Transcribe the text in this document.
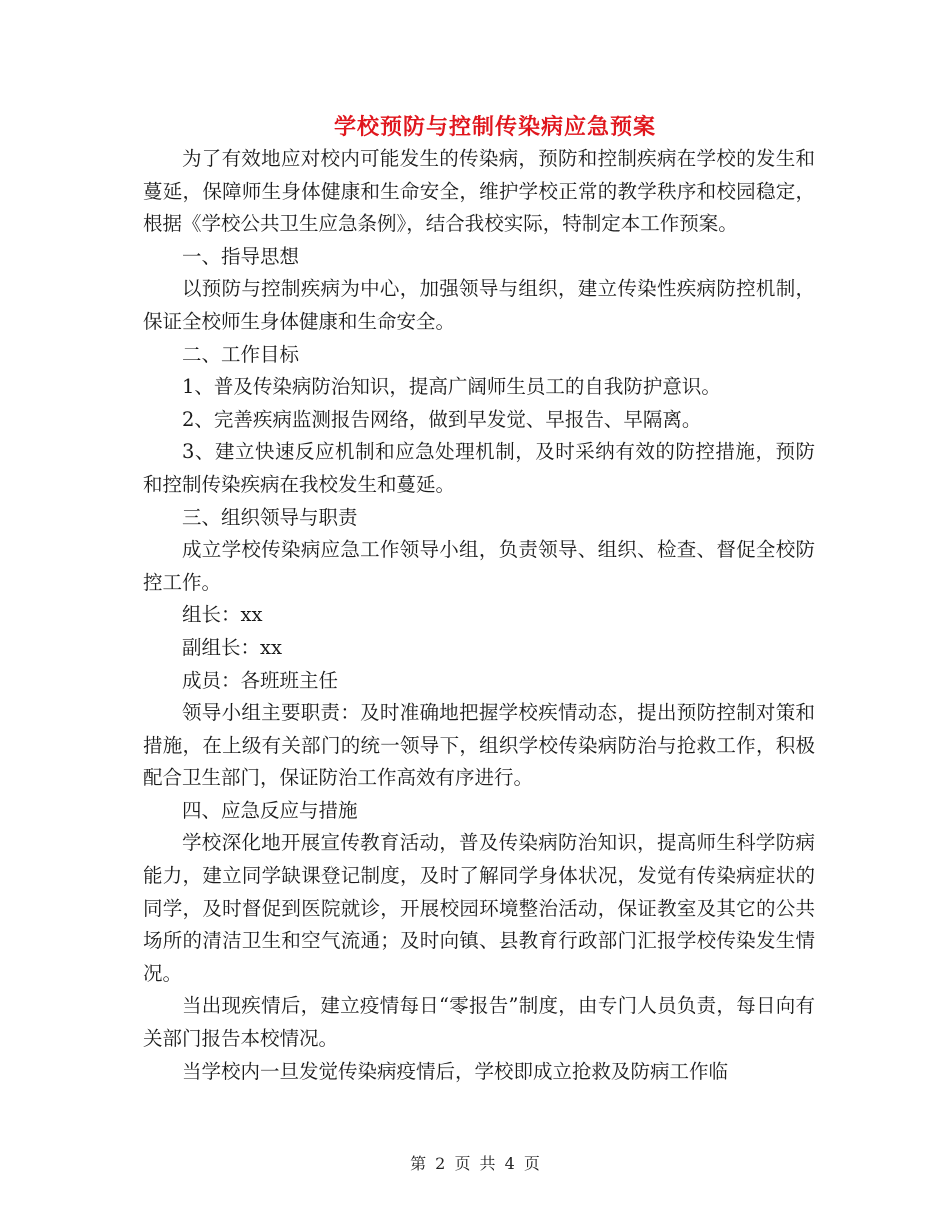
学校预防与控制传染病应急预案

为了有效地应对校内可能发生的传染病，预防和控制疾病在学校的发生和蔓延，保障师生身体健康和生命安全，维护学校正常的教学秩序和校园稳定，根据《学校公共卫生应急条例》，结合我校实际，特制定本工作预案。

一、指导思想

以预防与控制疾病为中心，加强领导与组织，建立传染性疾病防控机制，保证全校师生身体健康和生命安全。

二、工作目标

1、普及传染病防治知识，提高广阔师生员工的自我防护意识。

2、完善疾病监测报告网络，做到早发觉、早报告、早隔离。

3、建立快速反应机制和应急处理机制，及时采纳有效的防控措施，预防和控制传染疾病在我校发生和蔓延。

三、组织领导与职责

成立学校传染病应急工作领导小组，负责领导、组织、检查、督促全校防控工作。

组长：xx

副组长：xx

成员：各班班主任

领导小组主要职责：及时准确地把握学校疾情动态，提出预防控制对策和措施，在上级有关部门的统一领导下，组织学校传染病防治与抢救工作，积极配合卫生部门，保证防治工作高效有序进行。

四、应急反应与措施

学校深化地开展宣传教育活动，普及传染病防治知识，提高师生科学防病能力，建立同学缺课登记制度，及时了解同学身体状况，发觉有传染病症状的同学，及时督促到医院就诊，开展校园环境整治活动，保证教室及其它的公共场所的清洁卫生和空气流通；及时向镇、县教育行政部门汇报学校传染发生情况。

当出现疾情后，建立疫情每日“零报告”制度，由专门人员负责，每日向有关部门报告本校情况。

当学校内一旦发觉传染病疫情后，学校即成立抢救及防病工作临

第 2 页 共 4 页
